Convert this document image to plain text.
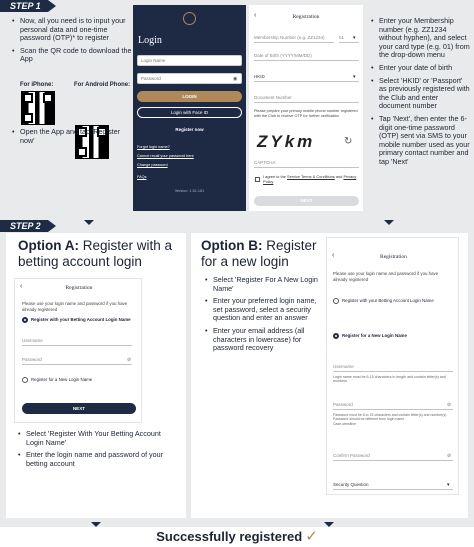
STEP 1
• Now, all you need is to input your personal data and one-time password (OTP)* to register
• Scan the QR code to download the App
For iPhone:	For Android Phone:
• Open the App and tap 'Register now'
Login
Login Name
Password	◉
LOGIN
Login with Face ID
Register now
Forgot login name?
Cannot recall your password here
Change password
FAQs
Version: 1.51.181
‹	Registration
Membership Number (e.g. ZZ1234)	01	▾
Date of Birth (YYYY/MM/DD)
HKID	▾
Document Number
Please prepare your primary mobile phone number registered with the Club to receive OTP for further verification
ZYkm	↻
CAPTCHA
I agree to the Service Terms & Conditions and Privacy Policy
NEXT
• Enter your Membership number (e.g. ZZ1234 without hyphen), and select your card type (e.g. 01) from the drop-down menu
• Enter your date of birth
• Select 'HKID' or 'Passport' as previously registered with the Club and enter document number
• Tap 'Next', then enter the 6-digit one-time password (OTP) sent via SMS to your mobile number used as your primary contact number and tap 'Next'
STEP 2
Option A: Register with a betting account login
‹	Registration
Please use your login name and password if you have already registered
Register with your Betting Account Login Name
Username
Password	⊘
Register for a New Login Name
NEXT
• Select 'Register With Your Betting Account Login Name'
• Enter the login name and password of your betting account
Option B: Register for a new login
• Select 'Register For A New Login Name'
• Enter your preferred login name, set password, select a security question and enter an answer
• Enter your email address (all characters in lowercase) for password recovery
‹	Registration
Please use your login name and password if you have already registered
Register with your Betting Account Login Name
Register for a New Login Name
Username
Login name must be 6-15 characters in length and contain letter(s) and numbers
Password	⊘
Password must be 8 to 15 characters and contain letter(s) and number(s)
Password should be different from login name
Case-sensitive
Confirm Password	⊘
Security Question	▾
Successfully registered ✓
